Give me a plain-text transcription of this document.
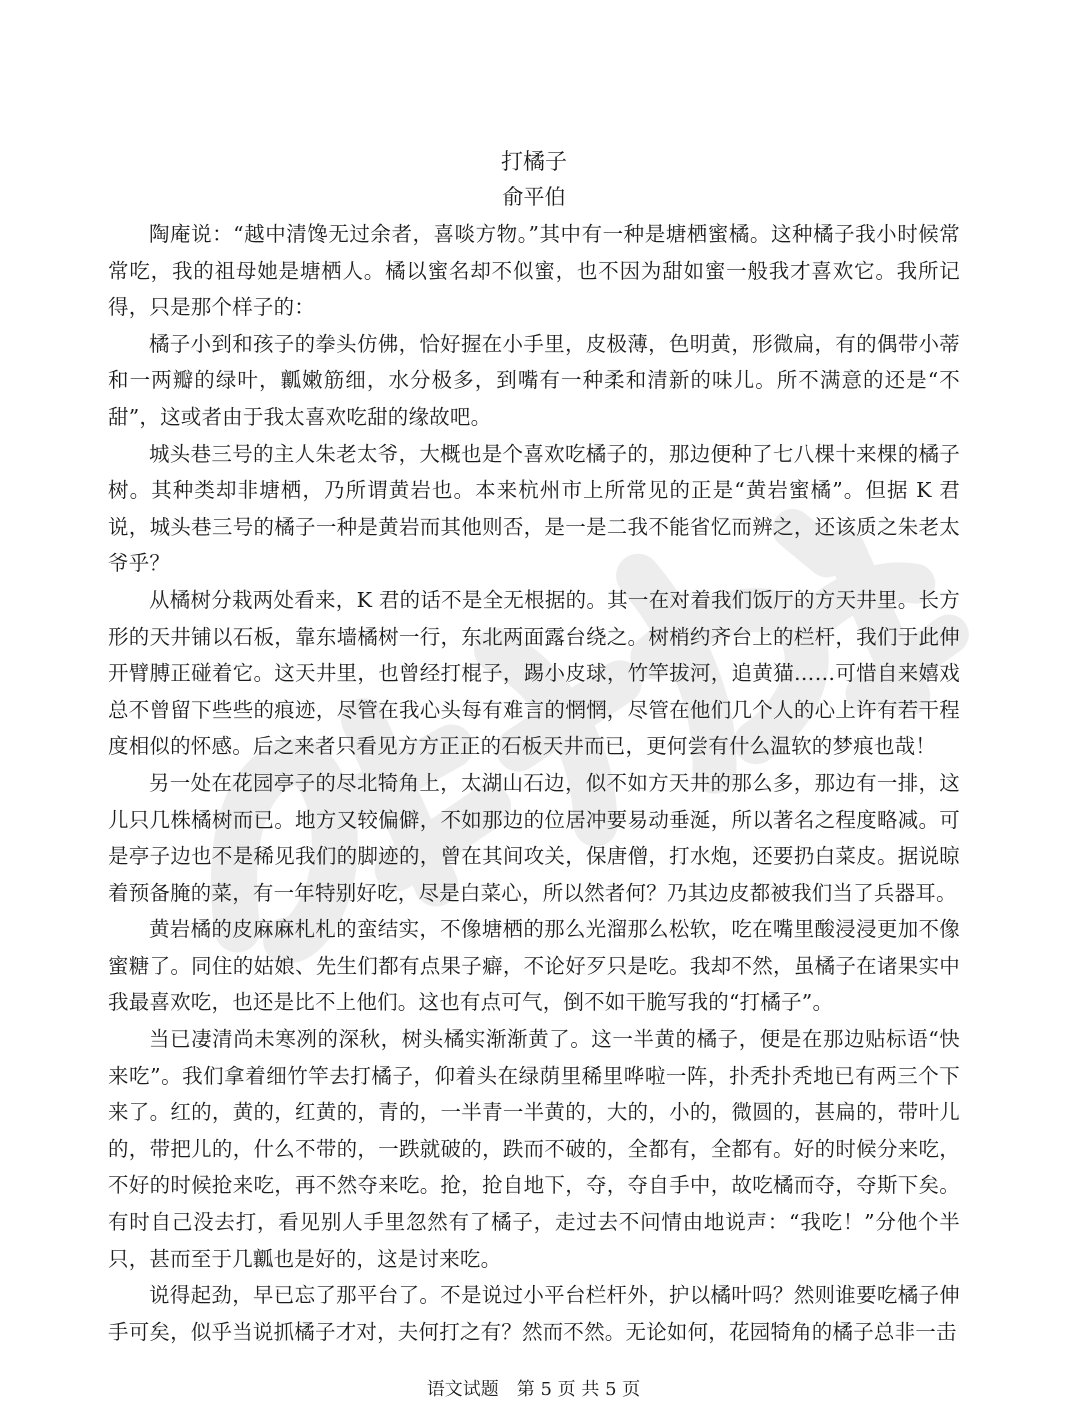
打橘子
俞平伯

陶庵说：“越中清馋无过余者，喜啖方物。”其中有一种是塘栖蜜橘。这种橘子我小时候常常吃，我的祖母她是塘栖人。橘以蜜名却不似蜜，也不因为甜如蜜一般我才喜欢它。我所记得，只是那个样子的：

橘子小到和孩子的拳头仿佛，恰好握在小手里，皮极薄，色明黄，形微扁，有的偶带小蒂和一两瓣的绿叶，瓤嫩筋细，水分极多，到嘴有一种柔和清新的味儿。所不满意的还是“不甜”，这或者由于我太喜欢吃甜的缘故吧。

城头巷三号的主人朱老太爷，大概也是个喜欢吃橘子的，那边便种了七八棵十来棵的橘子树。其种类却非塘栖，乃所谓黄岩也。本来杭州市上所常见的正是“黄岩蜜橘”。但据 K 君说，城头巷三号的橘子一种是黄岩而其他则否，是一是二我不能省忆而辨之，还该质之朱老太爷乎？

从橘树分栽两处看来，K 君的话不是全无根据的。其一在对着我们饭厅的方天井里。长方形的天井铺以石板，靠东墙橘树一行，东北两面露台绕之。树梢约齐台上的栏杆，我们于此伸开臂膊正碰着它。这天井里，也曾经打棍子，踢小皮球，竹竿拔河，追黄猫……可惜自来嬉戏总不曾留下些些的痕迹，尽管在我心头每有难言的惘惘，尽管在他们几个人的心上许有若干程度相似的怀感。后之来者只看见方方正正的石板天井而已，更何尝有什么温软的梦痕也哉！

另一处在花园亭子的尽北犄角上，太湖山石边，似不如方天井的那么多，那边有一排，这儿只几株橘树而已。地方又较偏僻，不如那边的位居冲要易动垂涎，所以著名之程度略减。可是亭子边也不是稀见我们的脚迹的，曾在其间攻关，保唐僧，打水炮，还要扔白菜皮。据说晾着预备腌的菜，有一年特别好吃，尽是白菜心，所以然者何？乃其边皮都被我们当了兵器耳。

黄岩橘的皮麻麻札札的蛮结实，不像塘栖的那么光溜那么松软，吃在嘴里酸浸浸更加不像蜜糖了。同住的姑娘、先生们都有点果子癖，不论好歹只是吃。我却不然，虽橘子在诸果实中我最喜欢吃，也还是比不上他们。这也有点可气，倒不如干脆写我的“打橘子”。

当已凄清尚未寒冽的深秋，树头橘实渐渐黄了。这一半黄的橘子，便是在那边贴标语“快来吃”。我们拿着细竹竿去打橘子，仰着头在绿荫里稀里哗啦一阵，扑秃扑秃地已有两三个下来了。红的，黄的，红黄的，青的，一半青一半黄的，大的，小的，微圆的，甚扁的，带叶儿的，带把儿的，什么不带的，一跌就破的，跌而不破的，全都有，全都有。好的时候分来吃，不好的时候抢来吃，再不然夺来吃。抢，抢自地下，夺，夺自手中，故吃橘而夺，夺斯下矣。有时自己没去打，看见别人手里忽然有了橘子，走过去不问情由地说声：“我吃！”分他个半只，甚而至于几瓤也是好的，这是讨来吃。

说得起劲，早已忘了那平台了。不是说过小平台栏杆外，护以橘叶吗？然则谁要吃橘子伸手可矣，似乎当说抓橘子才对，夫何打之有？然而不然。无论如何，花园犄角的橘子总非一击

语文试题　第 5 页 共 5 页
